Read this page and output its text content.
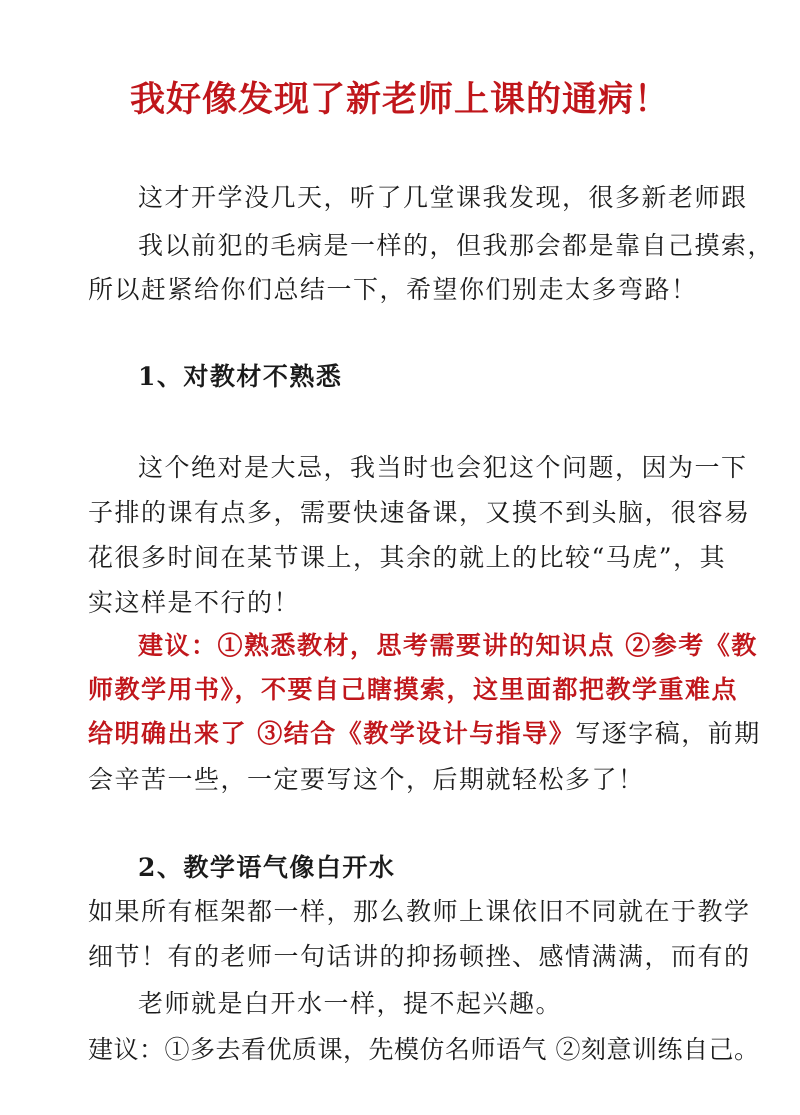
我好像发现了新老师上课的通病！
这才开学没几天，听了几堂课我发现，很多新老师跟
我以前犯的毛病是一样的，但我那会都是靠自己摸索，
所以赶紧给你们总结一下，希望你们别走太多弯路！
1、对教材不熟悉
这个绝对是大忌，我当时也会犯这个问题，因为一下
子排的课有点多，需要快速备课，又摸不到头脑，很容易
花很多时间在某节课上，其余的就上的比较“马虎”，其
实这样是不行的！
建议：①熟悉教材，思考需要讲的知识点 ②参考《教
师教学用书》，不要自己瞎摸索，这里面都把教学重难点
给明确出来了 ③结合《教学设计与指导》写逐字稿，前期
会辛苦一些，一定要写这个，后期就轻松多了！
2、教学语气像白开水
如果所有框架都一样，那么教师上课依旧不同就在于教学
细节！有的老师一句话讲的抑扬顿挫、感情满满，而有的
老师就是白开水一样，提不起兴趣。
建议：①多去看优质课，先模仿名师语气 ②刻意训练自己。
